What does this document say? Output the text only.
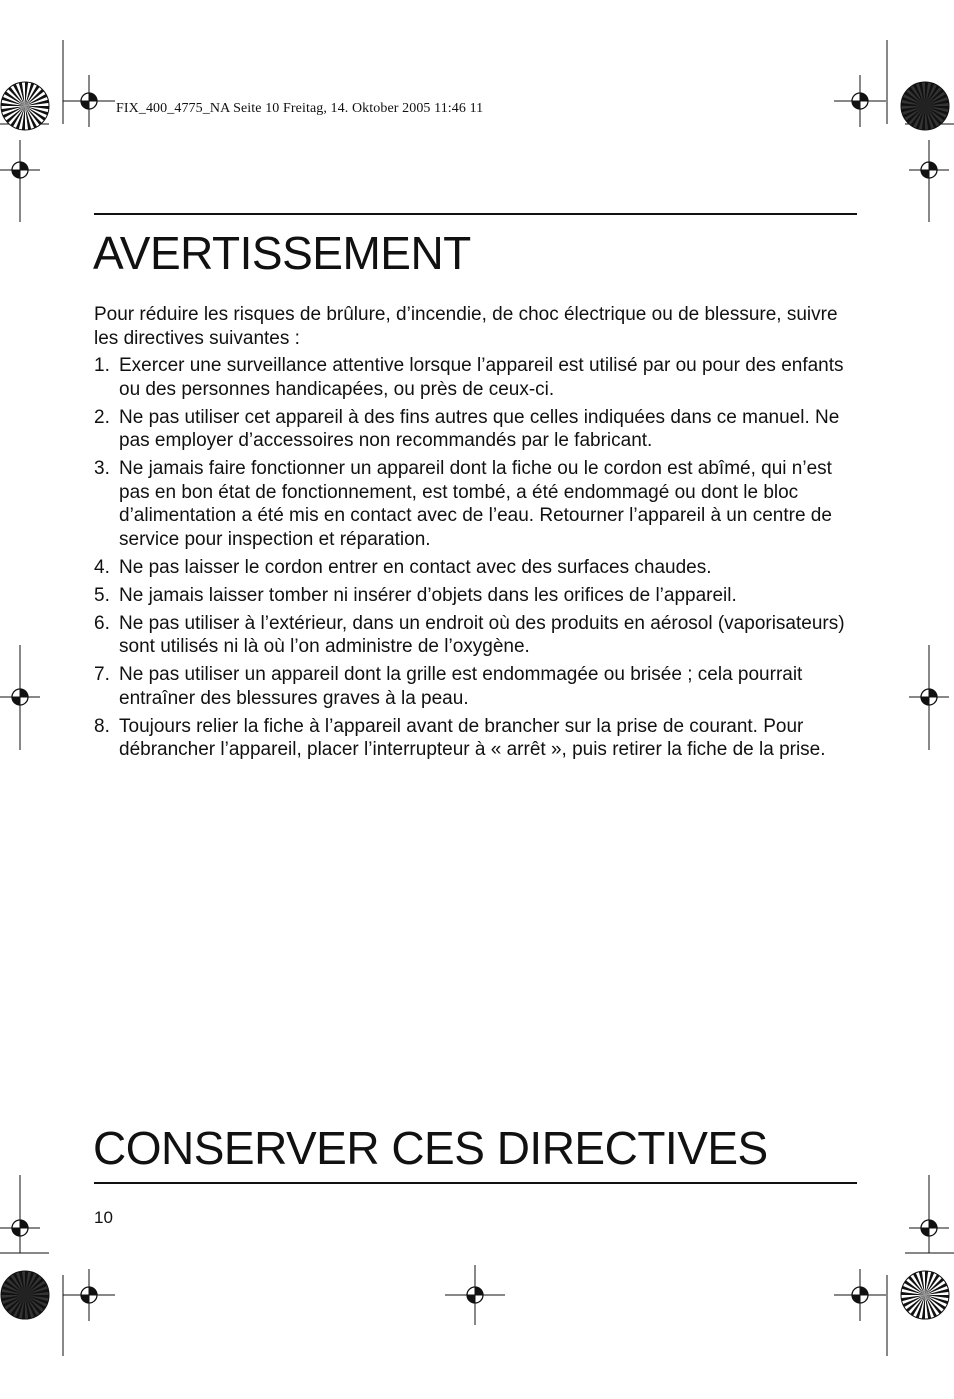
FIX_400_4775_NA Seite 10 Freitag, 14. Oktober 2005 11:46 11
AVERTISSEMENT

Pour réduire les risques de brûlure, d’incendie, de choc électrique ou de blessure, suivre les directives suivantes :

1. Exercer une surveillance attentive lorsque l’appareil est utilisé par ou pour des enfants ou des personnes handicapées, ou près de ceux-ci.
2. Ne pas utiliser cet appareil à des fins autres que celles indiquées dans ce manuel. Ne pas employer d’accessoires non recommandés par le fabricant.
3. Ne jamais faire fonctionner un appareil dont la fiche ou le cordon est abîmé, qui n’est pas en bon état de fonctionnement, est tombé, a été endommagé ou dont le bloc d’alimentation a été mis en contact avec de l’eau. Retourner l’appareil à un centre de service pour inspection et réparation.
4. Ne pas laisser le cordon entrer en contact avec des surfaces chaudes.
5. Ne jamais laisser tomber ni insérer d’objets dans les orifices de l’appareil.
6. Ne pas utiliser à l’extérieur, dans un endroit où des produits en aérosol (vaporisateurs) sont utilisés ni là où l’on administre de l’oxygène.
7. Ne pas utiliser un appareil dont la grille est endommagée ou brisée ; cela pourrait entraîner des blessures graves à la peau.
8. Toujours relier la fiche à l’appareil avant de brancher sur la prise de courant. Pour débrancher l’appareil, placer l’interrupteur à « arrêt », puis retirer la fiche de la prise.
CONSERVER CES DIRECTIVES
10
